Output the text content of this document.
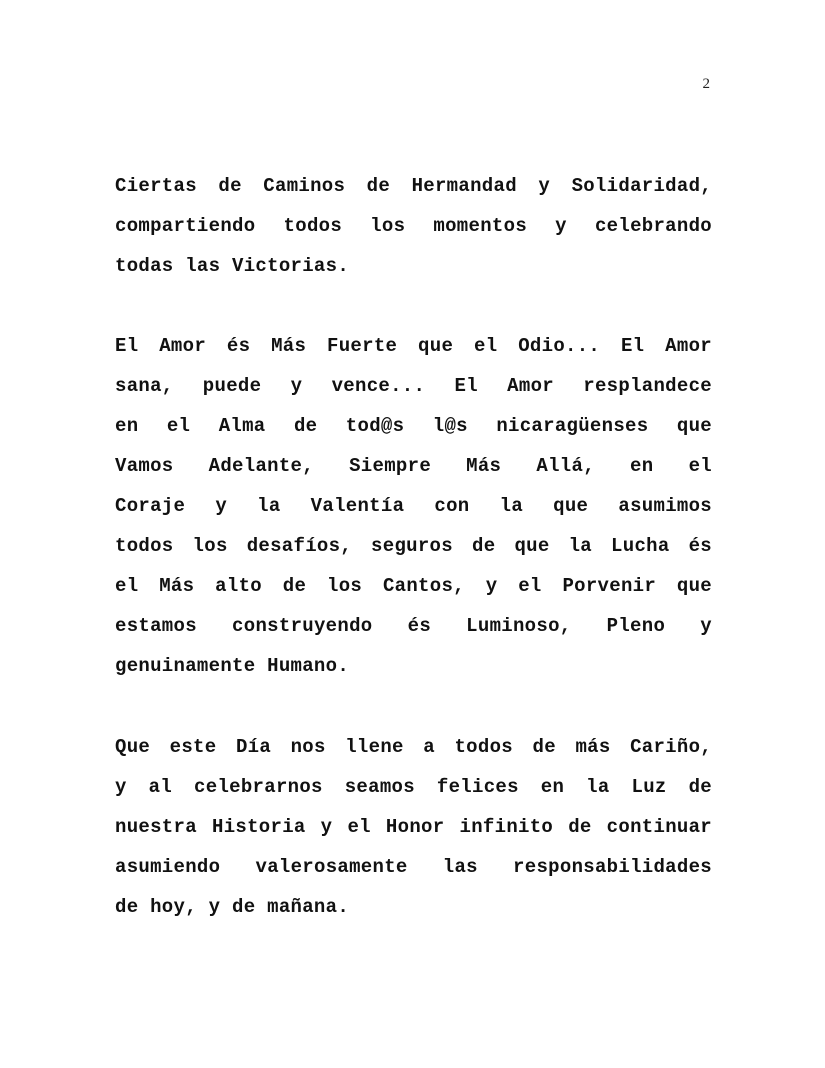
2
Ciertas de Caminos de Hermandad y Solidaridad,
compartiendo todos los momentos y celebrando
todas las Victorias.
El Amor és Más Fuerte que el Odio... El Amor
sana, puede y vence... El Amor resplandece
en el Alma de tod@s l@s nicaragüenses que
Vamos Adelante, Siempre Más Allá, en el
Coraje y la Valentía con la que asumimos
todos los desafíos, seguros de que la Lucha és
el Más alto de los Cantos, y el Porvenir que
estamos construyendo és Luminoso, Pleno y
genuinamente Humano.
Que este Día nos llene a todos de más Cariño,
y al celebrarnos seamos felices en la Luz de
nuestra Historia y el Honor infinito de continuar
asumiendo valerosamente las responsabilidades
de hoy, y de mañana.
